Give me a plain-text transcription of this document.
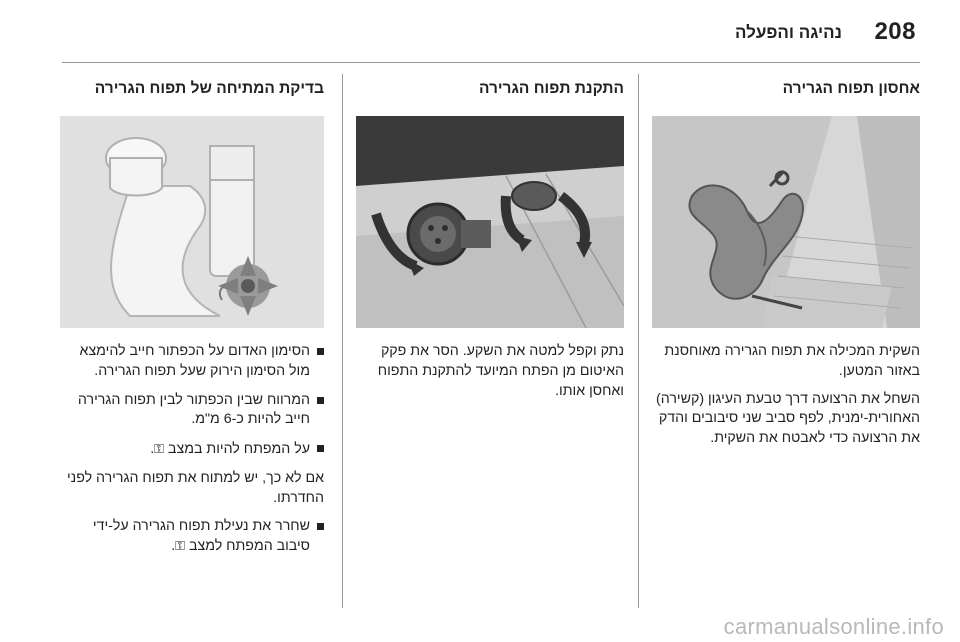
208
נהיגה והפעלה
אחסון תפוח הגרירה

השקית המכילה את תפוח הגרירה מאוחסנת באזור המטען.

השחל את הרצועה דרך טבעת העיגון (קשירה) האחורית-ימנית, לפף סביב שני סיבובים והדק את הרצועה כדי לאבטח את השקית.

התקנת תפוח הגרירה

נתק וקפל למטה את השקע. הסר את פקק האיטום מן הפתח המיועד להתקנת התפוח ואחסן אותו.

בדיקת המתיחה של תפוח הגרירה
הסימון האדום על הכפתור חייב להימצא מול הסימון הירוק שעל תפוח הגרירה.
המרווח שבין הכפתור לבין תפוח הגרירה חייב להיות כ-6 מ"מ.
על המפתח להיות במצב ⚿.

אם לא כך, יש למתוח את תפוח הגרירה לפני החדרתו.

שחרר את נעילת תפוח הגרירה על-ידי סיבוב המפתח למצב ⚿.
carmanualsonline.info
